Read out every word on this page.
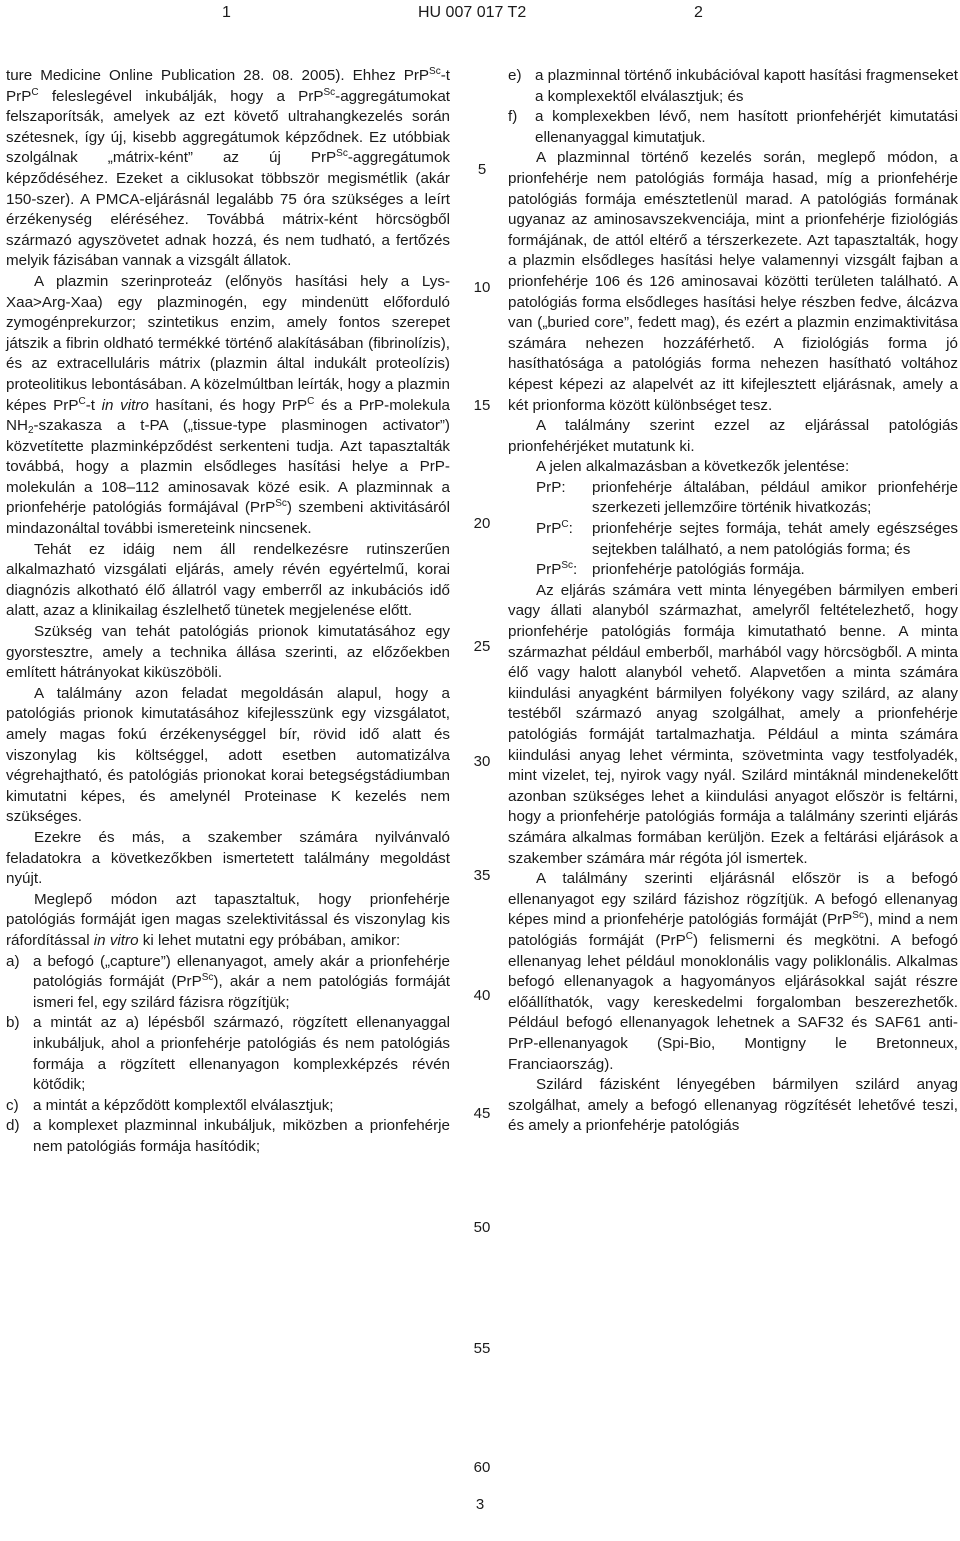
1	HU 007 017 T2	2

ture Medicine Online Publication 28. 08. 2005). Ehhez PrP$^{Sc}$-t PrP$^C$ feleslegével inkubálják, hogy a PrP$^{Sc}$-aggregátumokat felszaporítsák, amelyek az ezt követő ultrahangkezelés során szétesnek, így új, kisebb aggregátumok képződnek. Ez utóbbiak szolgálnak „mátrix-ként” az új PrP$^{Sc}$-aggregátumok képződéséhez. Ezeket a ciklusokat többször megismétlik (akár 150-szer). A PMCA-eljárásnál legalább 75 óra szükséges a leírt érzékenység eléréséhez. Továbbá mátrix-ként hörcsögből származó agyszövetet adnak hozzá, és nem tudható, a fertőzés melyik fázisában vannak a vizsgált állatok.

A plazmin szerinproteáz (előnyös hasítási hely a Lys-Xaa>Arg-Xaa) egy plazminogén, egy mindenütt előforduló zymogénprekurzor; szintetikus enzim, amely fontos szerepet játszik a fibrin oldható termékké történő alakításában (fibrinolízis), és az extracelluláris mátrix (plazmin által indukált proteolízis) proteolitikus lebontásában. A közelmúltban leírták, hogy a plazmin képes PrP$^C$-t in vitro hasítani, és hogy PrP$^C$ és a PrP-molekula $NH_2$-szakasza a t-PA („tissue-type plasminogen activator”) közvetítette plazminképződést serkenteni tudja. Azt tapasztalták továbbá, hogy a plazmin elsődleges hasítási helye a PrP-molekulán a 108–112 aminosavak közé esik. A plazminnak a prionfehérje patológiás formájával (PrP$^{Sc}$) szembeni aktivitásáról mindazonáltal további ismereteink nincsenek.

Tehát ez idáig nem áll rendelkezésre rutinszerűen alkalmazható vizsgálati eljárás, amely révén egyértelmű, korai diagnózis alkotható élő állatról vagy emberről az inkubációs idő alatt, azaz a klinikailag észlelhető tünetek megjelenése előtt.

Szükség van tehát patológiás prionok kimutatásához egy gyorstesztre, amely a technika állása szerinti, az előzőekben említett hátrányokat kiküszöböli.

A találmány azon feladat megoldásán alapul, hogy a patológiás prionok kimutatásához kifejlesszünk egy vizsgálatot, amely magas fokú érzékenységgel bír, rövid idő alatt és viszonylag kis költséggel, adott esetben automatizálva végrehajtható, és patológiás prionokat korai betegségstádiumban kimutatni képes, és amelynél Proteinase K kezelés nem szükséges.

Ezekre és más, a szakember számára nyilvánvaló feladatokra a következőkben ismertetett találmány megoldást nyújt.

Meglepő módon azt tapasztaltuk, hogy prionfehérje patológiás formáját igen magas szelektivitással és viszonylag kis ráfordítással in vitro ki lehet mutatni egy próbában, amikor:

a) a befogó („capture”) ellenanyagot, amely akár a prionfehérje patológiás formáját (PrP$^{Sc}$), akár a nem patológiás formáját ismeri fel, egy szilárd fázisra rögzítjük;
b) a mintát az a) lépésből származó, rögzített ellenanyaggal inkubáljuk, ahol a prionfehérje patológiás és nem patológiás formája a rögzített ellenanyagon komplexképzés révén kötődik;
c) a mintát a képződött komplextől elválasztjuk;
d) a komplexet plazminnal inkubáljuk, miközben a prionfehérje nem patológiás formája hasítódik;
5
10
15
20
25
30
35
40
45
50
55
60
e) a plazminnal történő inkubációval kapott hasítási fragmenseket a komplexektől elválasztjuk; és
f)	a komplexekben lévő, nem hasított prionfehérjét kimutatási ellenanyaggal kimutatjuk.

A plazminnal történő kezelés során, meglepő módon, a prionfehérje nem patológiás formája hasad, míg a prionfehérje patológiás formája emésztetlenül marad. A patológiás formának ugyanaz az aminosavszekvenciája, mint a prionfehérje fiziológiás formájának, de attól eltérő a térszerkezete. Azt tapasztalták, hogy a plazmin elsődleges hasítási helye valamennyi vizsgált fajban a prionfehérje 106 és 126 aminosavai közötti területen található. A patológiás forma elsődleges hasítási helye részben fedve, álcázva van („buried core”, fedett mag), és ezért a plazmin enzimaktivitása számára nehezen hozzáférhető. A fiziológiás forma jó hasíthatósága a patológiás forma nehezen hasítható voltához képest képezi az alapelvét az itt kifejlesztett eljárásnak, amely a két prionforma között különbséget tesz.

A találmány szerint ezzel az eljárással patológiás prionfehérjéket mutatunk ki.

A jelen alkalmazásban a következők jelentése:

PrP:	prionfehérje általában, például amikor prionfehérje szerkezeti jellemzőire történik hivatkozás;
PrP$^C$:	prionfehérje sejtes formája, tehát amely egészséges sejtekben található, a nem patológiás forma; és
PrP$^{Sc}$: prionfehérje patológiás formája.

Az eljárás számára vett minta lényegében bármilyen emberi vagy állati alanyból származhat, amelyről feltételezhető, hogy prionfehérje patológiás formája kimutatható benne. A minta származhat például emberből, marhából vagy hörcsögből. A minta élő vagy halott alanyból vehető. Alapvetően a minta számára kiindulási anyagként bármilyen folyékony vagy szilárd, az alany testéből származó anyag szolgálhat, amely a prionfehérje patológiás formáját tartalmazhatja. Például a minta számára kiindulási anyag lehet vérminta, szövetminta vagy testfolyadék, mint vizelet, tej, nyirok vagy nyál. Szilárd mintáknál mindenekelőtt azonban szükséges lehet a kiindulási anyagot először is feltárni, hogy a prionfehérje patológiás formája a találmány szerinti eljárás számára alkalmas formában kerüljön. Ezek a feltárási eljárások a szakember számára már régóta jól ismertek.

A találmány szerinti eljárásnál először is a befogó ellenanyagot egy szilárd fázishoz rögzítjük. A befogó ellenanyag képes mind a prionfehérje patológiás formáját (PrP$^{Sc}$), mind a nem patológiás formáját (PrP$^C$) felismerni és megkötni. A befogó ellenanyag lehet például monoklonális vagy poliklonális. Alkalmas befogó ellenanyagok a hagyományos eljárásokkal saját részre előállíthatók, vagy kereskedelmi forgalomban beszerezhetők. Például befogó ellenanyagok lehetnek a SAF32 és SAF61 anti-PrP-ellenanyagok (Spi-Bio, Montigny le Bretonneux, Franciaország).

Szilárd fázisként lényegében bármilyen szilárd anyag szolgálhat, amely a befogó ellenanyag rögzítését lehetővé teszi, és amely a prionfehérje patológiás

3
